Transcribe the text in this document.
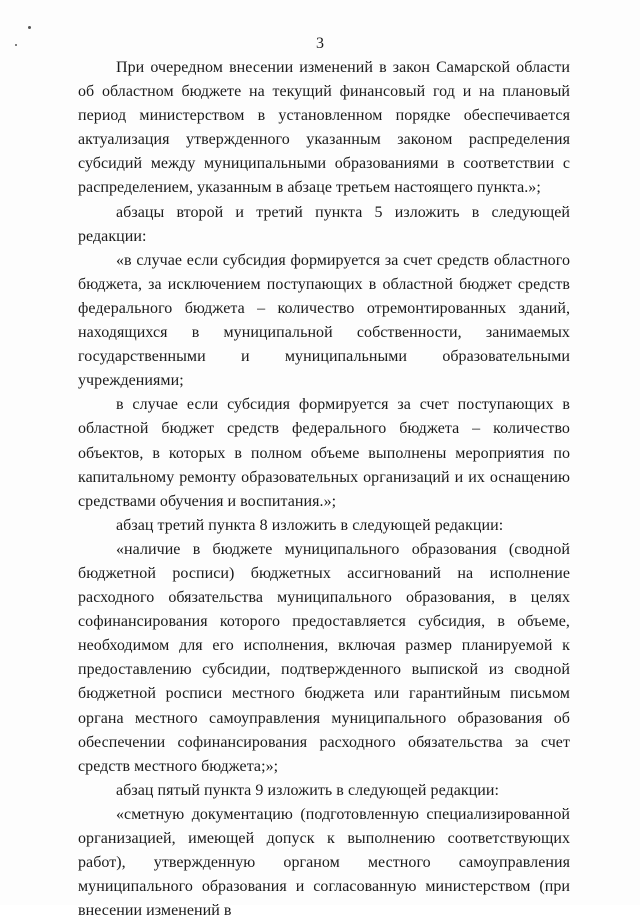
3

При очередном внесении изменений в закон Самарской области об областном бюджете на текущий финансовый год и на плановый период министерством в установленном порядке обеспечивается актуализация утвержденного указанным законом распределения субсидий между муниципальными образованиями в соответствии с распределением, указанным в абзаце третьем настоящего пункта.»;

абзацы второй и третий пункта 5 изложить в следующей редакции:

«в случае если субсидия формируется за счет средств областного бюджета, за исключением поступающих в областной бюджет средств федерального бюджета – количество отремонтированных зданий, находящихся в муниципальной собственности, занимаемых государственными и муниципальными образовательными учреждениями;

в случае если субсидия формируется за счет поступающих в областной бюджет средств федерального бюджета – количество объектов, в которых в полном объеме выполнены мероприятия по капитальному ремонту образовательных организаций и их оснащению средствами обучения и воспитания.»;

абзац третий пункта 8 изложить в следующей редакции:

«наличие в бюджете муниципального образования (сводной бюджетной росписи) бюджетных ассигнований на исполнение расходного обязательства муниципального образования, в целях софинансирования которого предоставляется субсидия, в объеме, необходимом для его исполнения, включая размер планируемой к предоставлению субсидии, подтвержденного выпиской из сводной бюджетной росписи местного бюджета или гарантийным письмом органа местного самоуправления муниципального образования об обеспечении софинансирования расходного обязательства за счет средств местного бюджета;»;

абзац пятый пункта 9 изложить в следующей редакции:

«сметную документацию (подготовленную специализированной организацией, имеющей допуск к выполнению соответствующих работ), утвержденную органом местного самоуправления муниципального образования и согласованную министерством (при внесении изменений в
